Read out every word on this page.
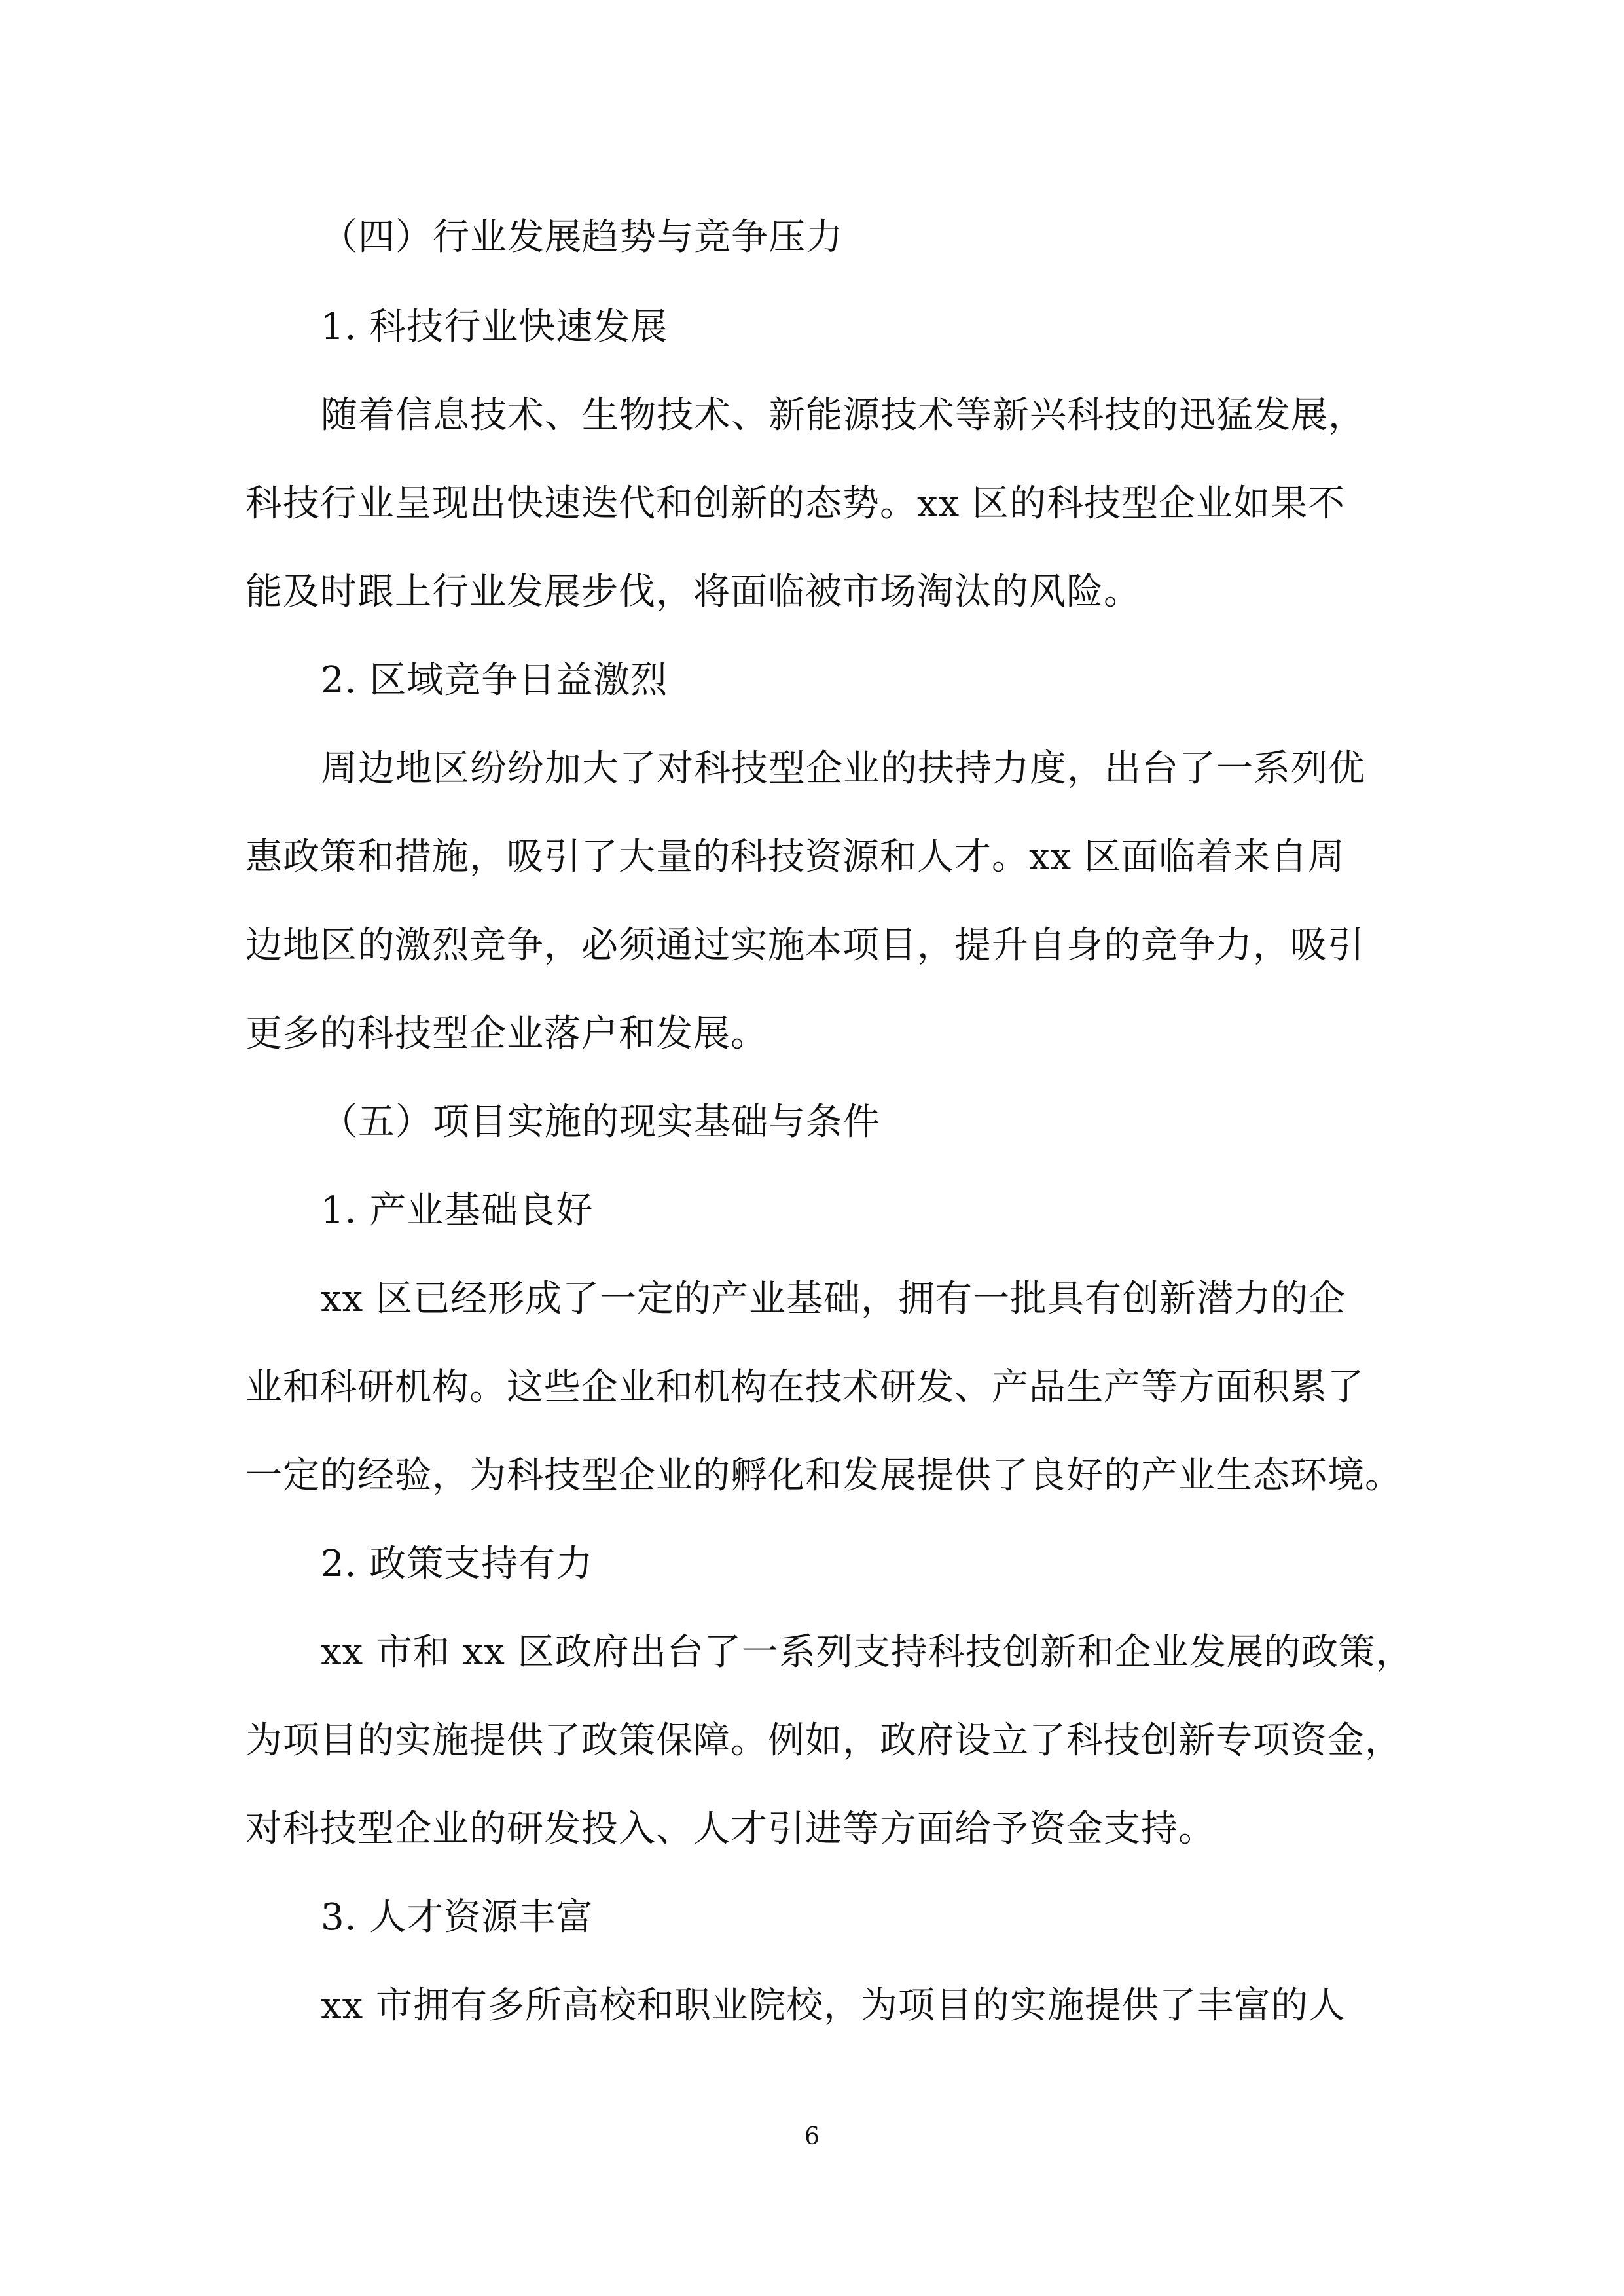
（四）行业发展趋势与竞争压力
1. 科技行业快速发展
随着信息技术、生物技术、新能源技术等新兴科技的迅猛发展，
科技行业呈现出快速迭代和创新的态势。xx 区的科技型企业如果不
能及时跟上行业发展步伐，将面临被市场淘汰的风险。
2. 区域竞争日益激烈
周边地区纷纷加大了对科技型企业的扶持力度，出台了一系列优
惠政策和措施，吸引了大量的科技资源和人才。xx 区面临着来自周
边地区的激烈竞争，必须通过实施本项目，提升自身的竞争力，吸引
更多的科技型企业落户和发展。
（五）项目实施的现实基础与条件
1. 产业基础良好
xx 区已经形成了一定的产业基础，拥有一批具有创新潜力的企
业和科研机构。这些企业和机构在技术研发、产品生产等方面积累了
一定的经验，为科技型企业的孵化和发展提供了良好的产业生态环境。
2. 政策支持有力
xx 市和 xx 区政府出台了一系列支持科技创新和企业发展的政策，
为项目的实施提供了政策保障。例如，政府设立了科技创新专项资金，
对科技型企业的研发投入、人才引进等方面给予资金支持。
3. 人才资源丰富
xx 市拥有多所高校和职业院校，为项目的实施提供了丰富的人
6
